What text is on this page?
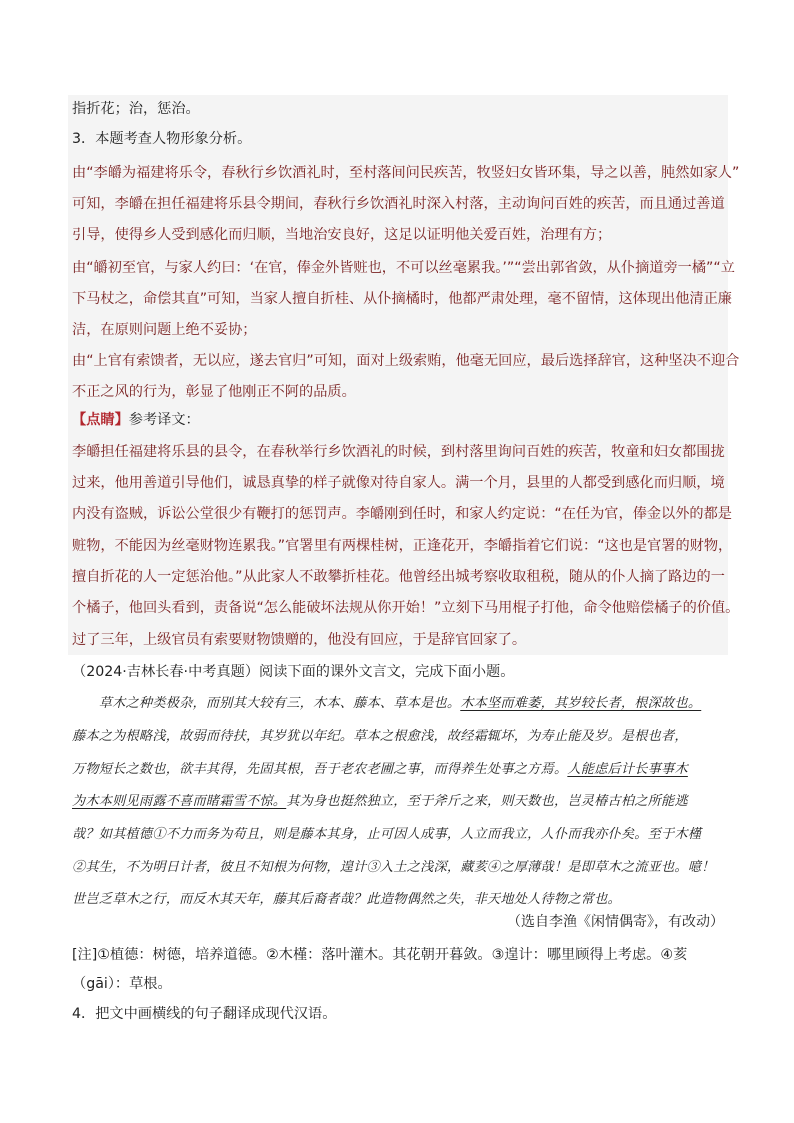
指折花；治，惩治。
3．本题考查人物形象分析。
由“李皭为福建将乐令，春秋行乡饮酒礼时，至村落间问民疾苦，牧竖妇女皆环集，导之以善，肫然如家人”
可知，李皭在担任福建将乐县令期间，春秋行乡饮酒礼时深入村落，主动询问百姓的疾苦，而且通过善道
引导，使得乡人受到感化而归顺，当地治安良好，这足以证明他关爱百姓，治理有方；
由“皭初至官，与家人约曰：‘在官，俸金外皆赃也，不可以丝毫累我。’”“尝出郭省敛，从仆摘道旁一橘”“立
下马杖之，命偿其直”可知，当家人擅自折桂、从仆摘橘时，他都严肃处理，毫不留情，这体现出他清正廉
洁，在原则问题上绝不妥协；
由“上官有索馈者，无以应，遂去官归”可知，面对上级索贿，他毫无回应，最后选择辞官，这种坚决不迎合
不正之风的行为，彰显了他刚正不阿的品质。
【点睛】参考译文：
李皭担任福建将乐县的县令，在春秋举行乡饮酒礼的时候，到村落里询问百姓的疾苦，牧童和妇女都围拢
过来，他用善道引导他们，诚恳真挚的样子就像对待自家人。满一个月，县里的人都受到感化而归顺，境
内没有盗贼，诉讼公堂很少有鞭打的惩罚声。李皭刚到任时，和家人约定说：“在任为官，俸金以外的都是
赃物，不能因为丝毫财物连累我。”官署里有两棵桂树，正逢花开，李皭指着它们说：“这也是官署的财物，
擅自折花的人一定惩治他。”从此家人不敢攀折桂花。他曾经出城考察收取租税，随从的仆人摘了路边的一
个橘子，他回头看到，责备说“怎么能破坏法规从你开始！”立刻下马用棍子打他，命令他赔偿橘子的价值。
过了三年，上级官员有索要财物馈赠的，他没有回应，于是辞官回家了。
（2024·吉林长春·中考真题）阅读下面的课外文言文，完成下面小题。
　　草木之种类极杂，而别其大较有三，木本、藤本、草本是也。木本坚而难萎，其岁较长者，根深故也。
藤本之为根略浅，故弱而待扶，其岁犹以年纪。草本之根愈浅，故经霜辄坏，为寿止能及岁。是根也者，
万物短长之数也，欲丰其得，先固其根，吾于老农老圃之事，而得养生处事之方焉。人能虑后计长事事木
为木本则见雨露不喜而睹霜雪不惊。其为身也挺然独立，至于斧斤之来，则天数也，岂灵椿古柏之所能逃
哉？如其植德①不力而务为苟且，则是藤本其身，止可因人成事，人立而我立，人仆而我亦仆矣。至于木槿
②其生，不为明日计者，彼且不知根为何物，遑计③入土之浅深，藏荄④之厚薄哉！是即草木之流亚也。噫！
世岂乏草木之行，而反木其天年，藤其后裔者哉？此造物偶然之失，非天地处人待物之常也。
（选自李渔《闲情偶寄》，有改动）
[注]①植德：树德，培养道德。②木槿：落叶灌木。其花朝开暮敛。③遑计：哪里顾得上考虑。④荄
（gāi）：草根。
4．把文中画横线的句子翻译成现代汉语。
